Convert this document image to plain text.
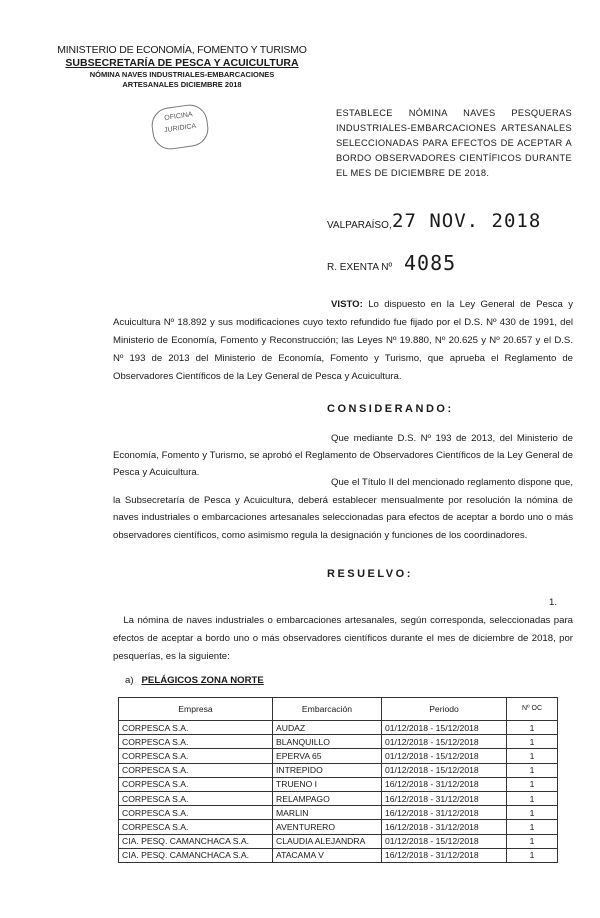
MINISTERIO DE ECONOMÍA, FOMENTO Y TURISMO
SUBSECRETARÍA DE PESCA Y ACUICULTURA
NÓMINA NAVES INDUSTRIALES-EMBARCACIONES
ARTESANALES DICIEMBRE 2018
OFICINA
JURIDICA
ESTABLECE NÓMINA NAVES PESQUERAS INDUSTRIALES-EMBARCACIONES ARTESANALES SELECCIONADAS PARA EFECTOS DE ACEPTAR A BORDO OBSERVADORES CIENTÍFICOS DURANTE EL MES DE DICIEMBRE DE 2018.
VALPARAÍSO, 27 NOV. 2018
R. EXENTA Nº 4085
VISTO: Lo dispuesto en la Ley General de Pesca y Acuicultura Nº 18.892 y sus modificaciones cuyo texto refundido fue fijado por el D.S. Nº 430 de 1991, del Ministerio de Economía, Fomento y Reconstrucción; las Leyes Nº 19.880, Nº 20.625 y Nº 20.657 y el D.S. Nº 193 de 2013 del Ministerio de Economía, Fomento y Turismo, que aprueba el Reglamento de Observadores Científicos de la Ley General de Pesca y Acuicultura.
CONSIDERANDO:
Que mediante D.S. Nº 193 de 2013, del Ministerio de Economía, Fomento y Turismo, se aprobó el Reglamento de Observadores Científicos de la Ley General de Pesca y Acuicultura.
Que el Título II del mencionado reglamento dispone que, la Subsecretaría de Pesca y Acuicultura, deberá establecer mensualmente por resolución la nómina de naves industriales o embarcaciones artesanales seleccionadas para efectos de aceptar a bordo uno o más observadores científicos, como asimismo regula la designación y funciones de los coordinadores.
RESUELVO:
1.   La nómina de naves industriales o embarcaciones artesanales, según corresponda, seleccionadas para efectos de aceptar a bordo uno o más observadores científicos durante el mes de diciembre de 2018, por pesquerías, es la siguiente:
a) PELÁGICOS ZONA NORTE
Empresa	Embarcación	Periodo	Nº OC
CORPESCA S.A.	AUDAZ	01/12/2018 - 15/12/2018	1
CORPESCA S.A.	BLANQUILLO	01/12/2018 - 15/12/2018	1
CORPESCA S.A.	EPERVA 65	01/12/2018 - 15/12/2018	1
CORPESCA S.A.	INTREPIDO	01/12/2018 - 15/12/2018	1
CORPESCA S.A.	TRUENO I	16/12/2018 - 31/12/2018	1
CORPESCA S.A.	RELAMPAGO	16/12/2018 - 31/12/2018	1
CORPESCA S.A.	MARLIN	16/12/2018 - 31/12/2018	1
CORPESCA S.A.	AVENTURERO	16/12/2018 - 31/12/2018	1
CIA. PESQ. CAMANCHACA S.A.	CLAUDIA ALEJANDRA	01/12/2018 - 15/12/2018	1
CIA. PESQ. CAMANCHACA S.A.	ATACAMA V	16/12/2018 - 31/12/2018	1
